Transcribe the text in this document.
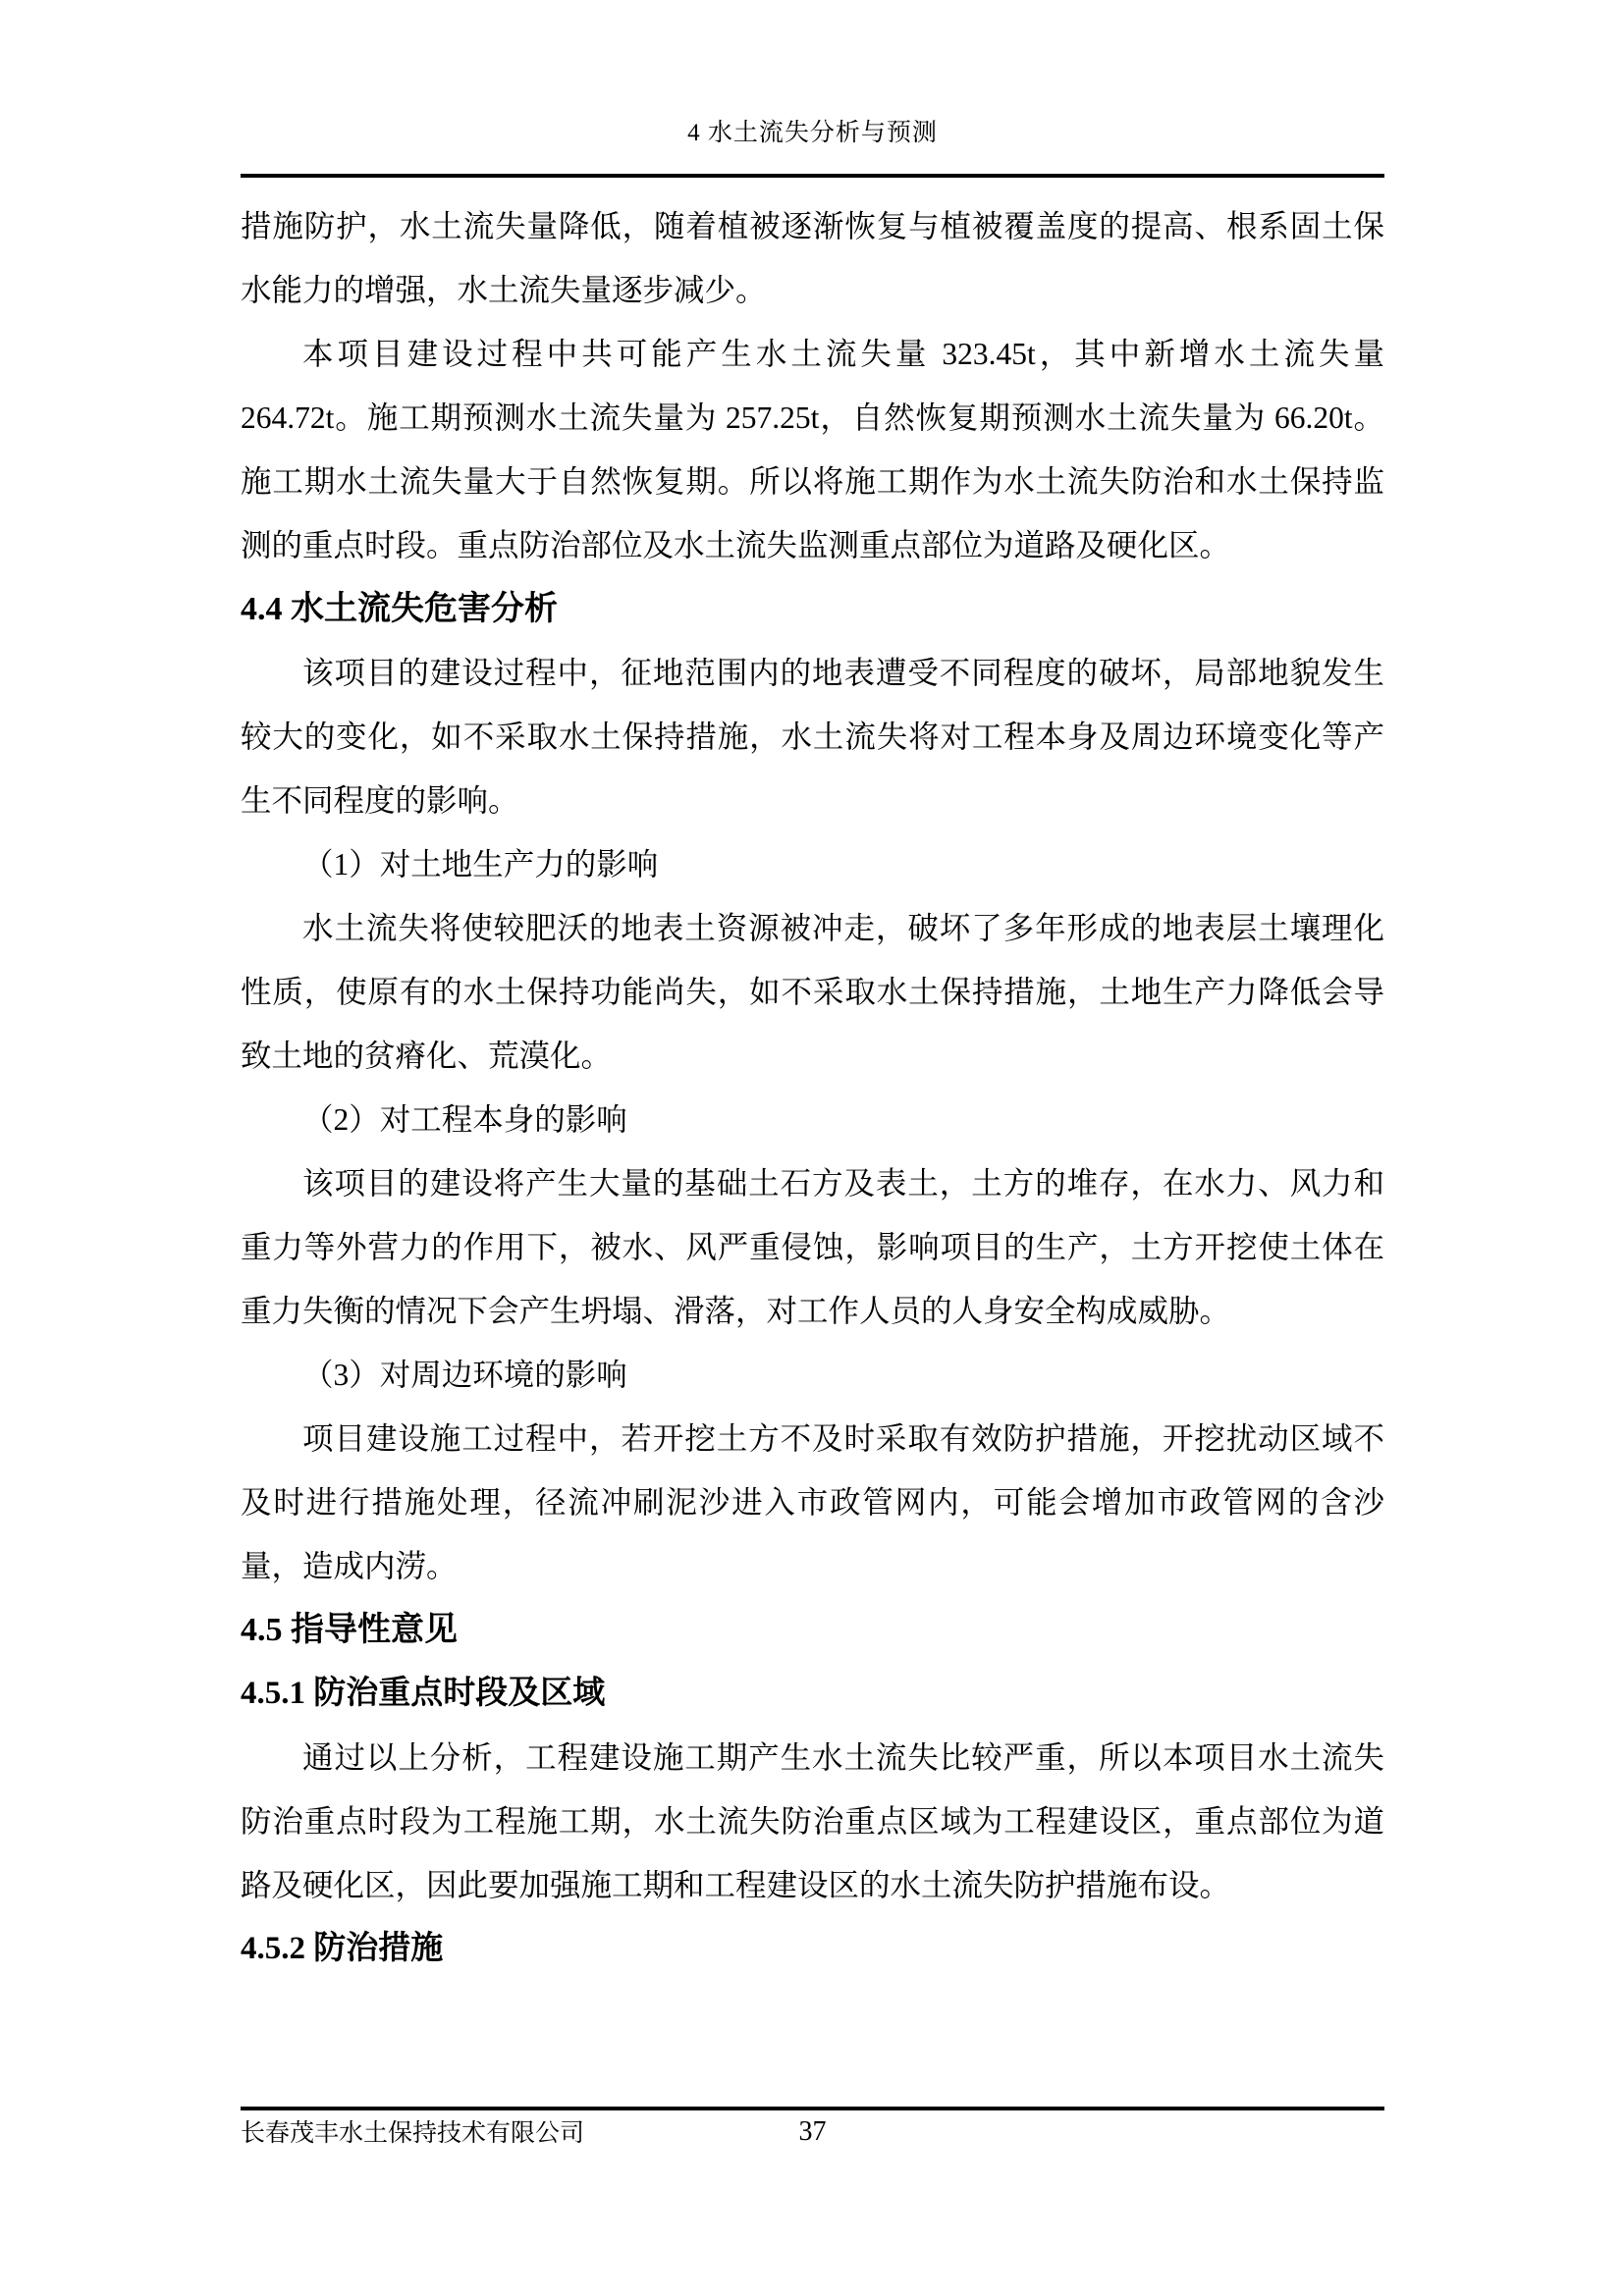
4 水土流失分析与预测

措施防护，水土流失量降低，随着植被逐渐恢复与植被覆盖度的提高、根系固土保水能力的增强，水土流失量逐步减少。

本项目建设过程中共可能产生水土流失量 323.45t，其中新增水土流失量 264.72t。施工期预测水土流失量为 257.25t，自然恢复期预测水土流失量为 66.20t。施工期水土流失量大于自然恢复期。所以将施工期作为水土流失防治和水土保持监测的重点时段。重点防治部位及水土流失监测重点部位为道路及硬化区。

4.4 水土流失危害分析

该项目的建设过程中，征地范围内的地表遭受不同程度的破坏，局部地貌发生较大的变化，如不采取水土保持措施，水土流失将对工程本身及周边环境变化等产生不同程度的影响。

（1）对土地生产力的影响

水土流失将使较肥沃的地表土资源被冲走，破坏了多年形成的地表层土壤理化性质，使原有的水土保持功能尚失，如不采取水土保持措施，土地生产力降低会导致土地的贫瘠化、荒漠化。

（2）对工程本身的影响

该项目的建设将产生大量的基础土石方及表土，土方的堆存，在水力、风力和重力等外营力的作用下，被水、风严重侵蚀，影响项目的生产，土方开挖使土体在重力失衡的情况下会产生坍塌、滑落，对工作人员的人身安全构成威胁。

（3）对周边环境的影响

项目建设施工过程中，若开挖土方不及时采取有效防护措施，开挖扰动区域不及时进行措施处理，径流冲刷泥沙进入市政管网内，可能会增加市政管网的含沙量，造成内涝。

4.5 指导性意见

4.5.1 防治重点时段及区域

通过以上分析，工程建设施工期产生水土流失比较严重，所以本项目水土流失防治重点时段为工程施工期，水土流失防治重点区域为工程建设区，重点部位为道路及硬化区，因此要加强施工期和工程建设区的水土流失防护措施布设。

4.5.2 防治措施

长春茂丰水土保持技术有限公司	37
